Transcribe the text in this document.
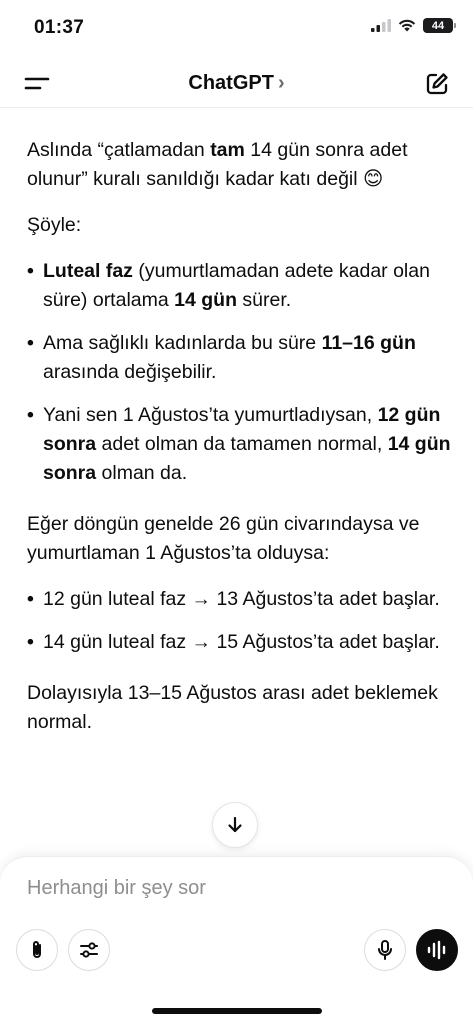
01:37	44
ChatGPT ›

Aslında “çatlamadan tam 14 gün sonra adet olunur” kuralı sanıldığı kadar katı değil 😊

Şöyle:

• Luteal faz (yumurtlamadan adete kadar olan süre) ortalama 14 gün sürer.
• Ama sağlıklı kadınlarda bu süre 11–16 gün arasında değişebilir.
• Yani sen 1 Ağustos’ta yumurtladıysan, 12 gün sonra adet olman da tamamen normal, 14 gün sonra olman da.

Eğer döngün genelde 26 gün civarındaysa ve yumurtlaman 1 Ağustos’ta olduysa:

• 12 gün luteal faz → 13 Ağustos’ta adet başlar.
• 14 gün luteal faz → 15 Ağustos’ta adet başlar.

Dolayısıyla 13–15 Ağustos arası adet beklemek normal.

Herhangi bir şey sor
